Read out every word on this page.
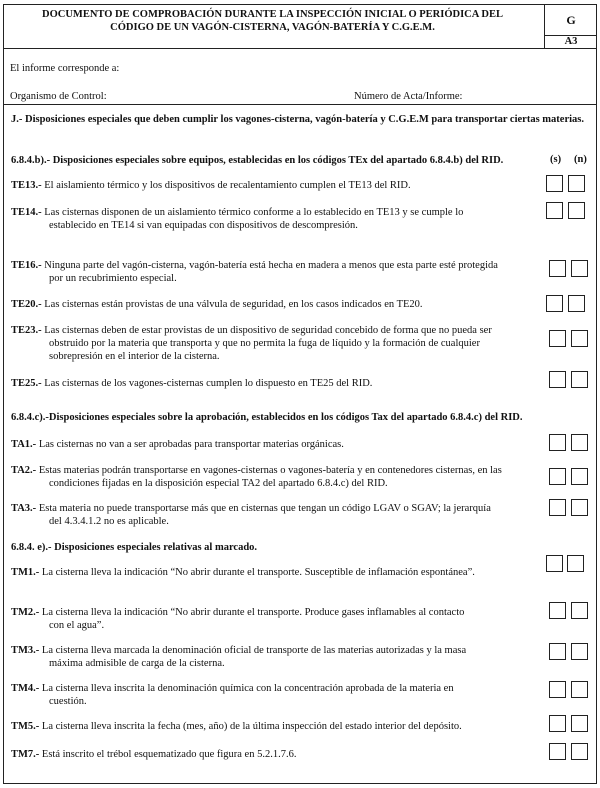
DOCUMENTO DE COMPROBACIÓN DURANTE LA INSPECCIÓN INICIAL O PERIÓDICA DEL
CÓDIGO DE UN VAGÓN-CISTERNA, VAGÓN-BATERÍA Y C.G.E.M.	G
A3
El informe corresponde a:
Organismo de Control:	Número de Acta/Informe:
J.- Disposiciones especiales que deben cumplir los vagones-cisterna, vagón-batería y C.G.E.M para transportar ciertas materias.
6.8.4.b).- Disposiciones especiales sobre equipos, establecidas en los códigos TEx del apartado 6.8.4.b) del RID.	(s) (n)
TE13.- El aislamiento térmico y los dispositivos de recalentamiento cumplen el TE13 del RID.
TE14.- Las cisternas disponen de un aislamiento térmico conforme a lo establecido en TE13 y se cumple lo
establecido en TE14 si van equipadas con dispositivos de descompresión.
TE16.- Ninguna parte del vagón-cisterna, vagón-batería está hecha en madera a menos que esta parte esté protegida
por un recubrimiento especial.
TE20.- Las cisternas están provistas de una válvula de seguridad, en los casos indicados en TE20.
TE23.- Las cisternas deben de estar provistas de un dispositivo de seguridad concebido de forma que no pueda ser
obstruido por la materia que transporta y que no permita la fuga de líquido y la formación de cualquier
sobrepresión en el interior de la cisterna.
TE25.- Las cisternas de los vagones-cisternas cumplen lo dispuesto en TE25 del RID.
6.8.4.c).-Disposiciones especiales sobre la aprobación, establecidos en los códigos Tax del apartado 6.8.4.c) del RID.
TA1.- Las cisternas no van a ser aprobadas para transportar materias orgánicas.
TA2.- Estas materias podrán transportarse en vagones-cisternas o vagones-batería y en contenedores cisternas, en las
condiciones fijadas en la disposición especial TA2 del apartado 6.8.4.c) del RID.
TA3.- Esta materia no puede transportarse más que en cisternas que tengan un código LGAV o SGAV; la jerarquía
del 4.3.4.1.2 no es aplicable.
6.8.4. e).- Disposiciones especiales relativas al marcado.
TM1.- La cisterna lleva la indicación “No abrir durante el transporte. Susceptible de inflamación espontánea”.
TM2.- La cisterna lleva la indicación “No abrir durante el transporte. Produce gases inflamables al contacto
con el agua”.
TM3.- La cisterna lleva marcada la denominación oficial de transporte de las materias autorizadas y la masa
máxima admisible de carga de la cisterna.
TM4.- La cisterna lleva inscrita la denominación química con la concentración aprobada de la materia en
cuestión.
TM5.- La cisterna lleva inscrita la fecha (mes, año) de la última inspección del estado interior del depósito.
TM7.- Está inscrito el trébol esquematizado que figura en 5.2.1.7.6.
